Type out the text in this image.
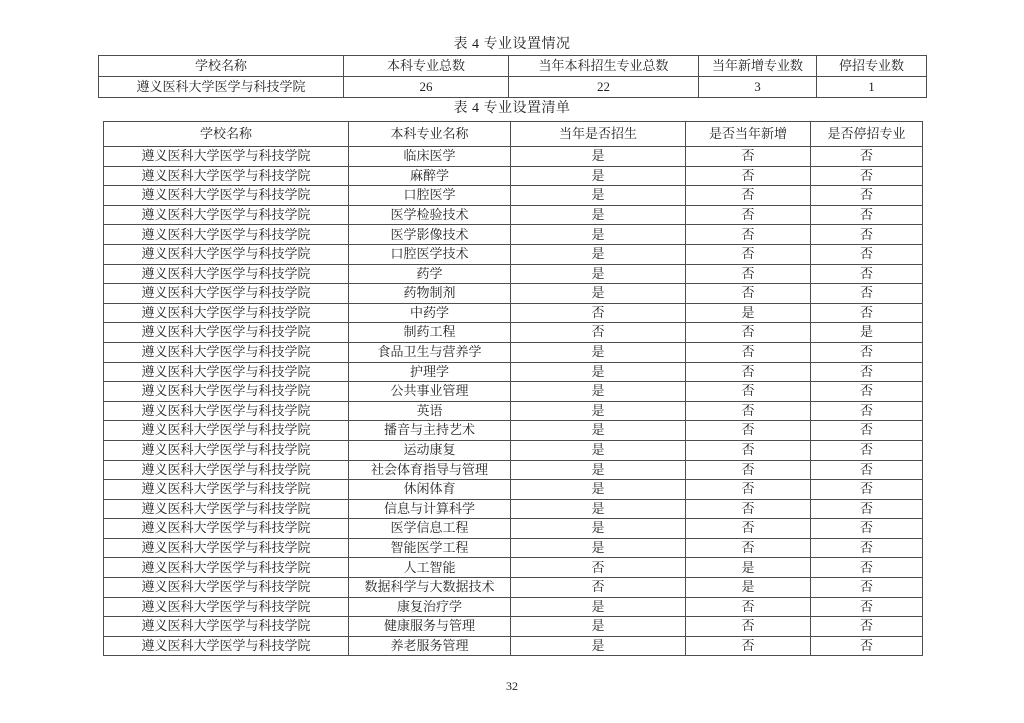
表 4 专业设置情况
学校名称	本科专业总数	当年本科招生专业总数	当年新增专业数	停招专业数
遵义医科大学医学与科技学院	26	22	3	1
表 4 专业设置清单
学校名称	本科专业名称	当年是否招生	是否当年新增	是否停招专业
遵义医科大学医学与科技学院	临床医学	是	否	否
遵义医科大学医学与科技学院	麻醉学	是	否	否
遵义医科大学医学与科技学院	口腔医学	是	否	否
遵义医科大学医学与科技学院	医学检验技术	是	否	否
遵义医科大学医学与科技学院	医学影像技术	是	否	否
遵义医科大学医学与科技学院	口腔医学技术	是	否	否
遵义医科大学医学与科技学院	药学	是	否	否
遵义医科大学医学与科技学院	药物制剂	是	否	否
遵义医科大学医学与科技学院	中药学	否	是	否
遵义医科大学医学与科技学院	制药工程	否	否	是
遵义医科大学医学与科技学院	食品卫生与营养学	是	否	否
遵义医科大学医学与科技学院	护理学	是	否	否
遵义医科大学医学与科技学院	公共事业管理	是	否	否
遵义医科大学医学与科技学院	英语	是	否	否
遵义医科大学医学与科技学院	播音与主持艺术	是	否	否
遵义医科大学医学与科技学院	运动康复	是	否	否
遵义医科大学医学与科技学院	社会体育指导与管理	是	否	否
遵义医科大学医学与科技学院	休闲体育	是	否	否
遵义医科大学医学与科技学院	信息与计算科学	是	否	否
遵义医科大学医学与科技学院	医学信息工程	是	否	否
遵义医科大学医学与科技学院	智能医学工程	是	否	否
遵义医科大学医学与科技学院	人工智能	否	是	否
遵义医科大学医学与科技学院	数据科学与大数据技术	否	是	否
遵义医科大学医学与科技学院	康复治疗学	是	否	否
遵义医科大学医学与科技学院	健康服务与管理	是	否	否
遵义医科大学医学与科技学院	养老服务管理	是	否	否
32
